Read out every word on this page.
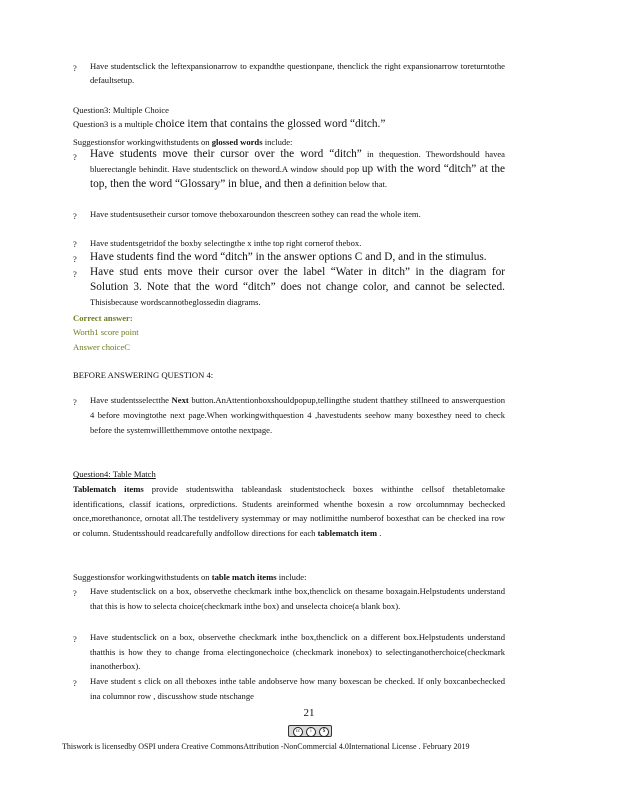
? Have studentsclick the leftexpansionarrow to expandthe questionpane, thenclick the right expansionarrow toreturntothe defaultsetup.
Question3: Multiple Choice
Question3 is a multiple choice item that contains the glossed word “ditch.”
Suggestionsfor workingwithstudents on glossed words include:
? Have students move their cursor over the word “ditch” in thequestion. Thewordshould havea bluerectangle behindit. Have studentsclick on theword.A window should pop up with the word “ditch” at the top, then the word “Glossary” in blue, and then a definition below that.
? Have studentsusetheir cursor tomove theboxaroundon thescreen sothey can read the whole item.
? Have studentsgetridof the boxby selectingthe x inthe top right cornerof thebox.
? Have students find the word “ditch” in the answer options C and D, and in the stimulus.
? Have stud ents move their cursor over the label “Water in ditch” in the diagram for Solution 3. Note that the word “ditch” does not change color, and cannot be selected. Thisisbecause wordscannotbeglossedin diagrams.
Correct answer:
Worth1 score point
Answer choiceC
BEFORE ANSWERING QUESTION 4:
? Have studentsselectthe Next button.AnAttentionboxshouldpopup,tellingthe student thatthey stillneed to answerquestion 4 before movingtothe next page.When workingwithquestion 4 ,havestudents seehow many boxesthey need to check before the systemwillletthemmove ontothe nextpage.
Question4: Table Match
Tablematch items provide studentswitha tableandask studentstocheck boxes withinthe cellsof thetabletomake identifications, classif ications, orpredictions. Students areinformed whenthe boxesin a row orcolumnmay bechecked once,morethanonce, ornotat all.The testdelivery systemmay or may notlimitthe numberof boxesthat can be checked ina row or column. Studentsshould readcarefully andfollow directions for each tablematch item .
Suggestionsfor workingwithstudents on table match items include:
? Have studentsclick on a box, observethe checkmark inthe box,thenclick on thesame boxagain.Helpstudents understand that this is how to selecta choice(checkmark inthe box) and unselecta choice(a blank box).
? Have studentsclick on a box, observethe checkmark inthe box,thenclick on a different box.Helpstudents understand thatthis is how they to change froma electingonechoice (checkmark inonebox) to selectinganotherchoice(checkmark inanotherbox).
? Have student s click on all theboxes inthe table andobserve how many boxescan be checked. If only boxcanbechecked ina columnor row , discusshow stude ntschange
21
cc	i	$
Thiswork is licensedby OSPI undera Creative CommonsAttribution -NonCommercial 4.0International License . February 2019
